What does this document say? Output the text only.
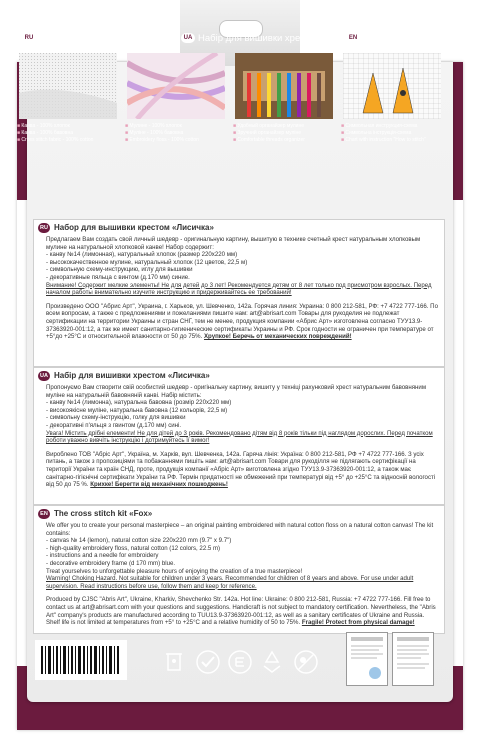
RU Набор для вышивки крестом	UA Набір для вишивки хрестом	EN Cross stitch kit
■ Канва - 100% хлопок
■ Канва - 100% бавовна
■ Cross stitch fabric - 100% cotton
■ Мулине - 100% хлопок
■ Муліне - 100% бавовна
■ Embroidery floss - 100% cotton
■ Удобный органайзер мулине
■ Зручний органайзер муліне
■ Comfortable threads organizer
■ Символьная инструкция-схема
■ Символьна інструкція-схема
■ Chart with instruction "How to stitch"
RU Набор для вышивки крестом «Лисичка»

Предлагаем Вам создать свой личный шедевр - оригинальную картину, вышитую в технике счетный крест натуральным хлопковым мулине на натуральной хлопковой канве! Набор содержит:

- канву №14 (лимонная), натуральный хлопок (размер 220х220 мм)

- высококачественное мулине, натуральный хлопок (12 цветов, 22,5 м)

- символьную схему-инструкцию, иглу для вышивки

- декоративные пяльца с винтом (д.170 мм) синие.

Внимание! Содержит мелкие элементы! Не для детей до 3 лет! Рекомендуется детям от 8 лет только под присмотром взрослых. Перед началом работы внимательно изучите инструкцию и придерживайтесь ее требований!

Произведено ООО "Абрис Арт", Украина, г. Харьков, ул. Шевченко, 142а. Горячая линия: Украина: 0 800 212-581, РФ: +7 4722 777-166. По всем вопросам, а также с предложениями и пожеланиями пишите нам: art@abrisart.com Товары для рукоделия не подлежат сертификации на территории Украины и стран СНГ, тем не менее, продукция компании «Абрис Арт» изготовлена согласно ТУУ13.9-37363920-001:12, а так же имеет санитарно-гигиенические сертификаты Украины и РФ. Срок годности не ограничен при температуре от +5°до +25°С и относительной влажности от 50 до 75%. Хрупкое! Беречь от механических повреждений!

UA Набір для вишивки хрестом «Лисичка»

Пропонуємо Вам створити свій особистий шедевр - оригінальну картину, вишиту у техніці рахунковий хрест натуральним бавовняним муліне на натуральній бавовняній канві. Набір містить:

- канву №14 (лимонна), натуральна бавовна (розмір 220х220 мм)

- високоякісне муліне, натуральна бавовна (12 кольорів, 22,5 м)

- символьну схему-інструкцію, голку для вишивки

- декоративні п'яльця з гвинтом (д.170 мм) сині.

Увага! Містить дрібні елементи! Не для дітей до 3 років. Рекомендовано дітям від 8 років тільки під наглядом дорослих. Перед початком роботи уважно вивчіть інструкцію і дотримуйтесь її вимог!

Вироблено ТОВ "Абріс Арт", Україна, м. Харків, вул. Шевченка, 142а. Гаряча лінія: Україна: 0 800 212-581, РФ +7 4722 777-166. З усіх питань, а також з пропозиціями та побажаннями пишіть нам: art@abrisart.com Товари для рукоділля не підлягають сертифікації на території України та країн СНД, проте, продукція компанії «Абріс Арт» виготовлена згідно ТУУ13.9-37363920-001:12, а також має санітарно-гігієнічні сертифікати України та РФ. Термін придатності не обмежений при температурі від +5° до +25°С та відносній вологості від 50 до 75 %. Крихке! Берегти від механічних пошкоджень!

EN The cross stitch kit «Fox»

We offer you to create your personal masterpiece – an original painting embroidered with natural cotton floss on a natural cotton canvas! The kit contains:

- canvas № 14 (lemon), natural cotton size 220x220 mm (9.7" x 9.7")

- high-quality embroidery floss, natural cotton (12 colors, 22.5 m)

- instructions and a needle for embroidery

- decorative embroidery frame (d 170 mm) blue.

Treat yourselves to unforgettable pleasure hours of enjoying the creation of a true masterpiece!

Warning! Choking Hazard. Not suitable for children under 3 years. Recommended for children of 8 years and above. For use under adult supervision. Read instructions before use, follow them and keep for reference.

Produced by CJSC "Abris Art", Ukraine, Kharkiv, Shevchenko Str. 142a. Hot line: Ukraine: 0 800 212-581, Russia: +7 4722 777-166. Fill free to contact us at art@abrisart.com with your questions and suggestions. Handicraft is not subject to mandatory certification. Nevertheless, the "Abris Art" company's products are manufactured according to TUU13.9-37363920-001:12, as well as a sanitary certificates of Ukraine and Russia. Shelf life is not limited at temperatures from +5° to +25°C and a relative humidity of 50 to 75%. Fragile! Protect from physical damage!
